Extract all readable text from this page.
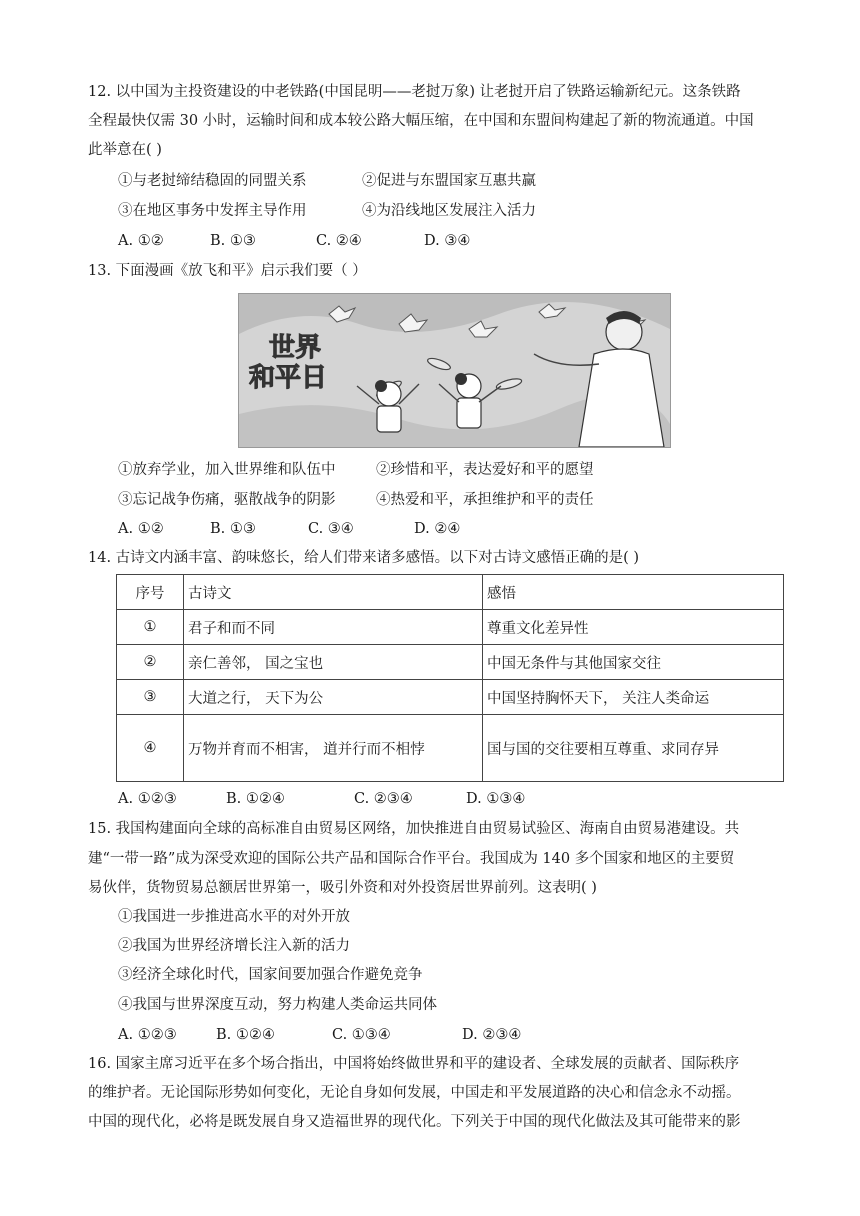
12. 以中国为主投资建设的中老铁路(中国昆明——老挝万象) 让老挝开启了铁路运输新纪元。这条铁路
全程最快仅需 30 小时，运输时间和成本较公路大幅压缩，在中国和东盟间构建起了新的物流通道。中国
此举意在( )
①与老挝缔结稳固的同盟关系	②促进与东盟国家互惠共赢
③在地区事务中发挥主导作用	④为沿线地区发展注入活力
A. ①②	B. ①③	C. ②④	D. ③④
13. 下面漫画《放飞和平》启示我们要（ ）
世界
和平日
①放弃学业，加入世界维和队伍中	②珍惜和平，表达爱好和平的愿望
③忘记战争伤痛，驱散战争的阴影	④热爱和平，承担维护和平的责任
A. ①②	B. ①③	C. ③④	D. ②④
14. 古诗文内涵丰富、韵味悠长，给人们带来诸多感悟。以下对古诗文感悟正确的是( )
序号	古诗文	感悟
①	君子和而不同	尊重文化差异性
②	亲仁善邻， 国之宝也	中国无条件与其他国家交往
③	大道之行， 天下为公	中国坚持胸怀天下， 关注人类命运
④	万物并育而不相害， 道并行而不相悖	国与国的交往要相互尊重、求同存异
A. ①②③	B. ①②④	C. ②③④	D. ①③④
15. 我国构建面向全球的高标准自由贸易区网络，加快推进自由贸易试验区、海南自由贸易港建设。共
建“一带一路”成为深受欢迎的国际公共产品和国际合作平台。我国成为 140 多个国家和地区的主要贸
易伙伴，货物贸易总额居世界第一，吸引外资和对外投资居世界前列。这表明( )
①我国进一步推进高水平的对外开放
②我国为世界经济增长注入新的活力
③经济全球化时代，国家间要加强合作避免竞争
④我国与世界深度互动，努力构建人类命运共同体
A. ①②③	B. ①②④	C. ①③④	D. ②③④
16. 国家主席习近平在多个场合指出，中国将始终做世界和平的建设者、全球发展的贡献者、国际秩序
的维护者。无论国际形势如何变化，无论自身如何发展，中国走和平发展道路的决心和信念永不动摇。
中国的现代化，必将是既发展自身又造福世界的现代化。下列关于中国的现代化做法及其可能带来的影
